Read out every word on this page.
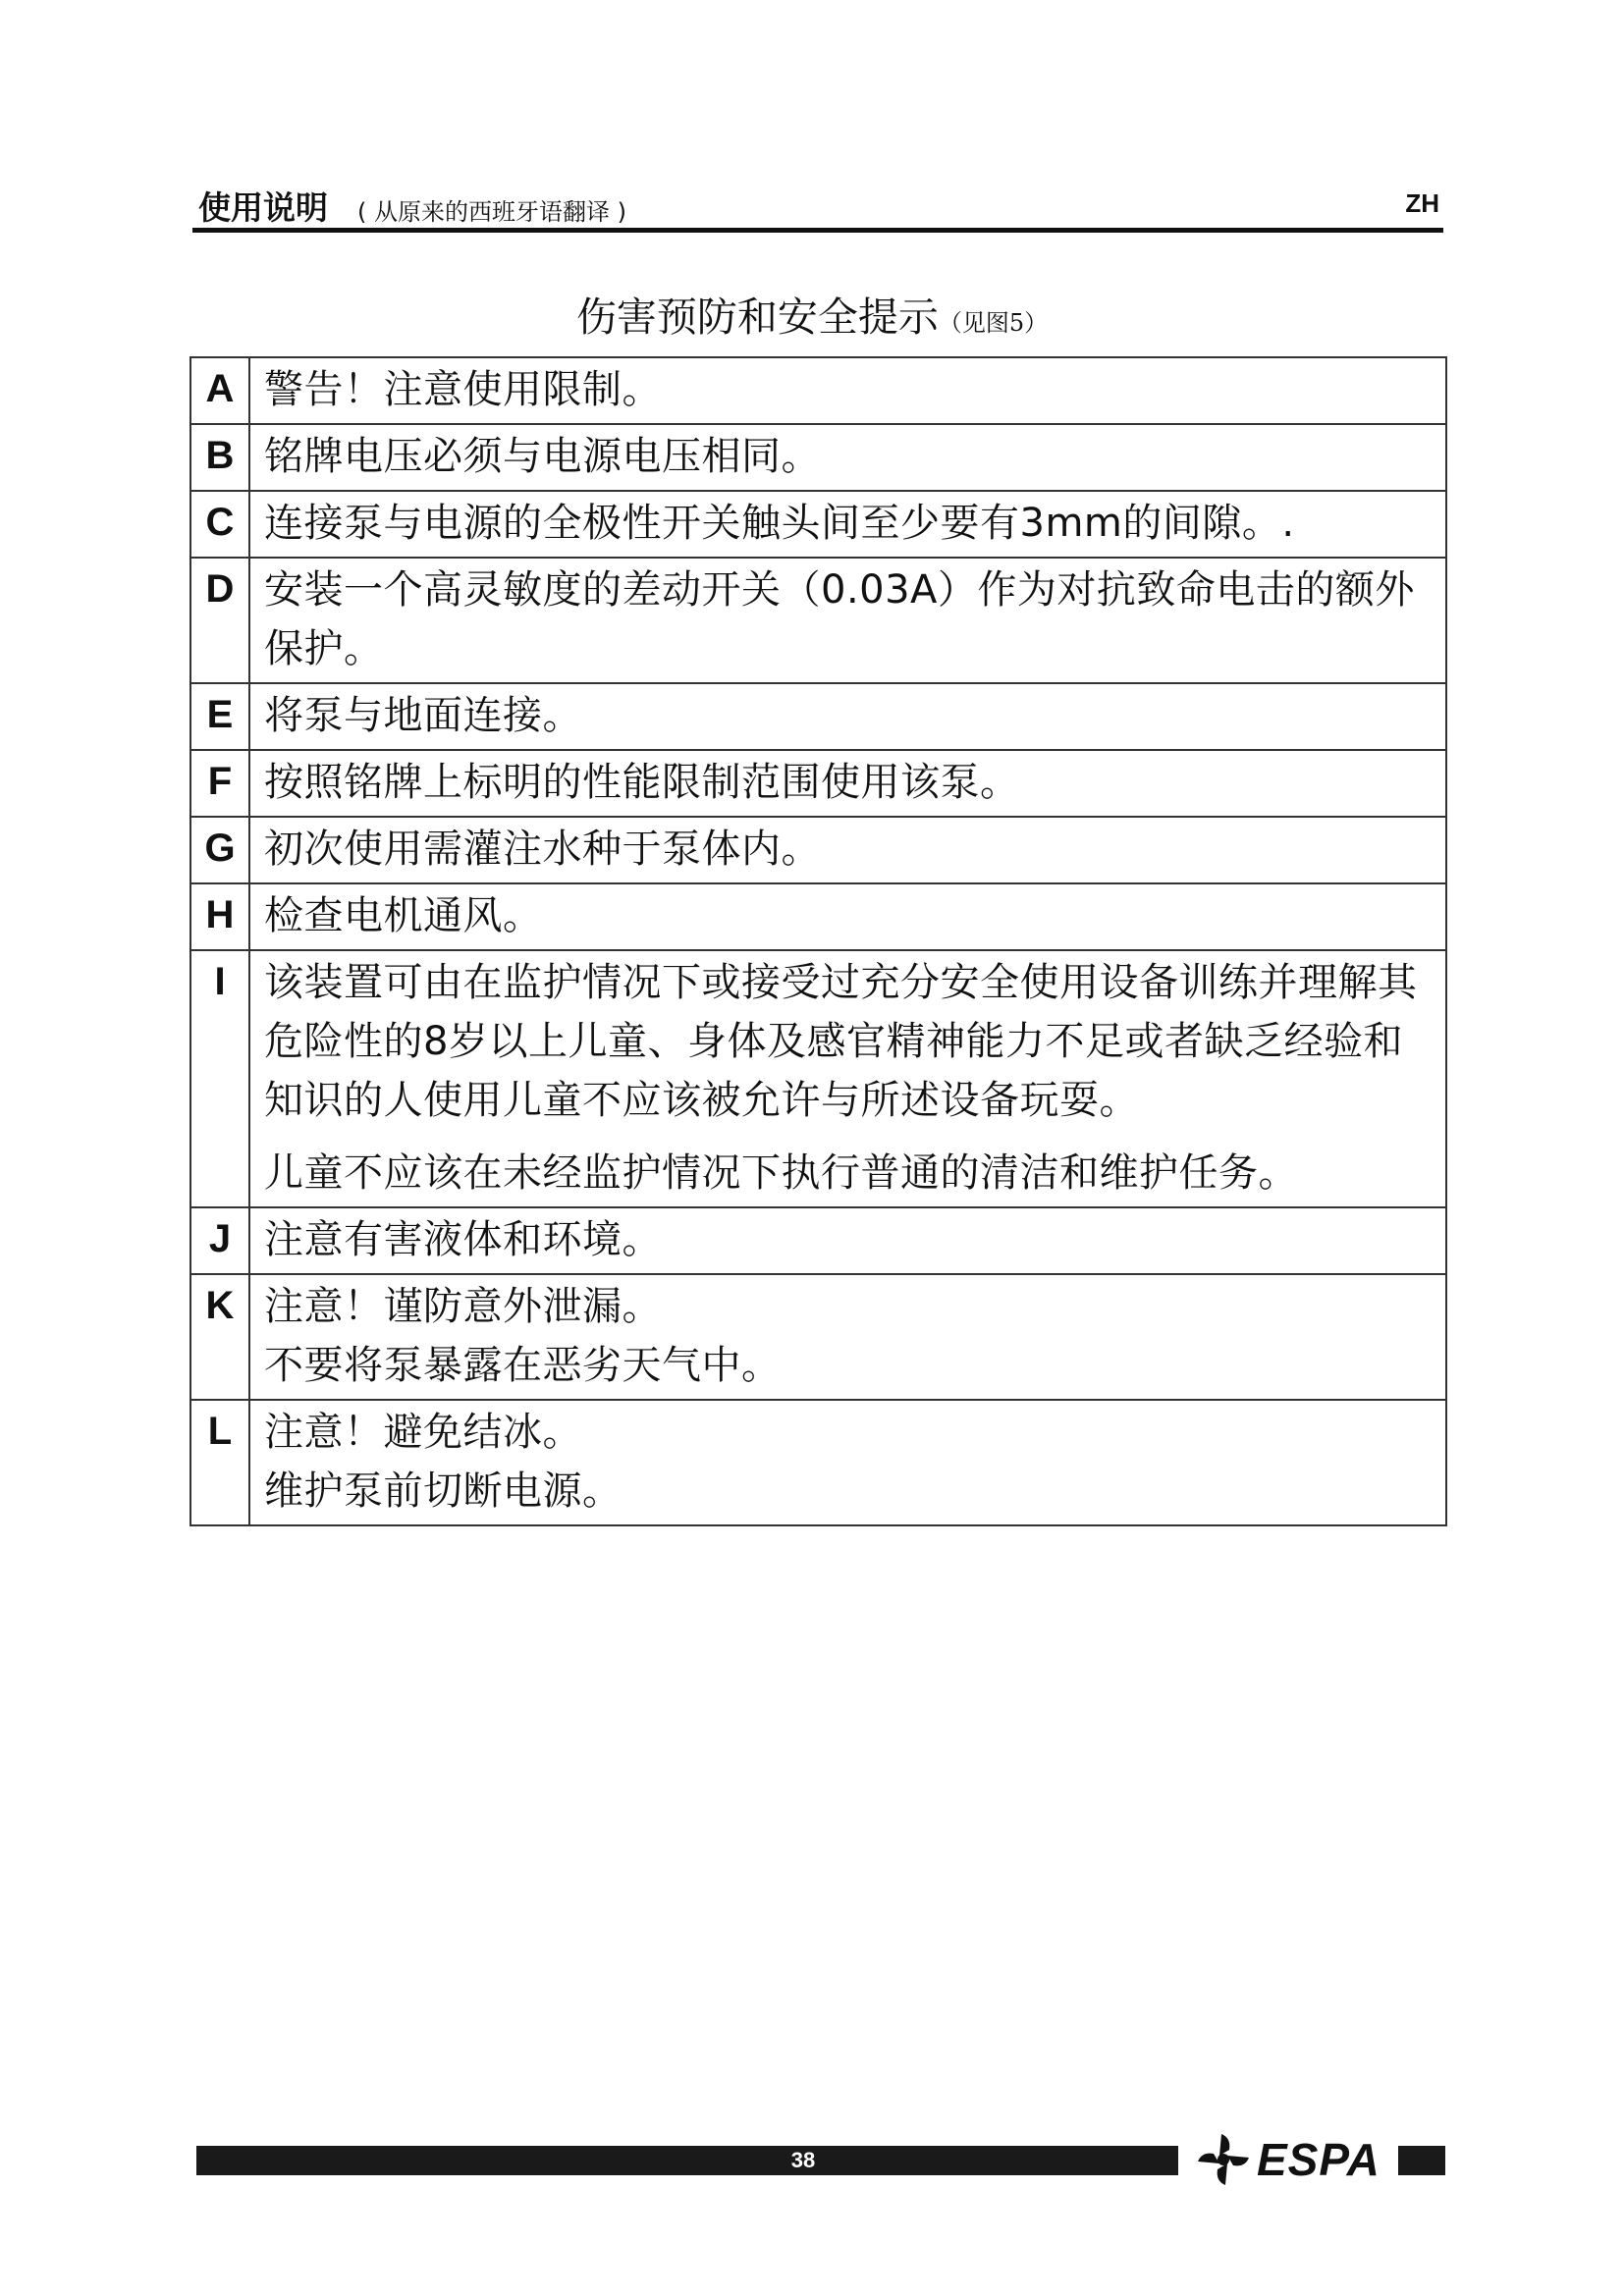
使用说明 ( 从原来的西班牙语翻译 )	ZH
伤害预防和安全提示（见图5）
A	警告！注意使用限制。

B	铭牌电压必须与电源电压相同。

C	连接泵与电源的全极性开关触头间至少要有3mm的间隙。.

D	安装一个高灵敏度的差动开关（0.03A）作为对抗致命电击的额外保护。

E	将泵与地面连接。

F	按照铭牌上标明的性能限制范围使用该泵。

G	初次使用需灌注水种于泵体内。

H	检查电机通风。

I	该装置可由在监护情况下或接受过充分安全使用设备训练并理解其危险性的8岁以上儿童、身体及感官精神能力不足或者缺乏经验和知识的人使用儿童不应该被允许与所述设备玩耍。

儿童不应该在未经监护情况下执行普通的清洁和维护任务。

J	注意有害液体和环境。

K	注意！谨防意外泄漏。

不要将泵暴露在恶劣天气中。

L	注意！避免结冰。

维护泵前切断电源。

38	ESPA
